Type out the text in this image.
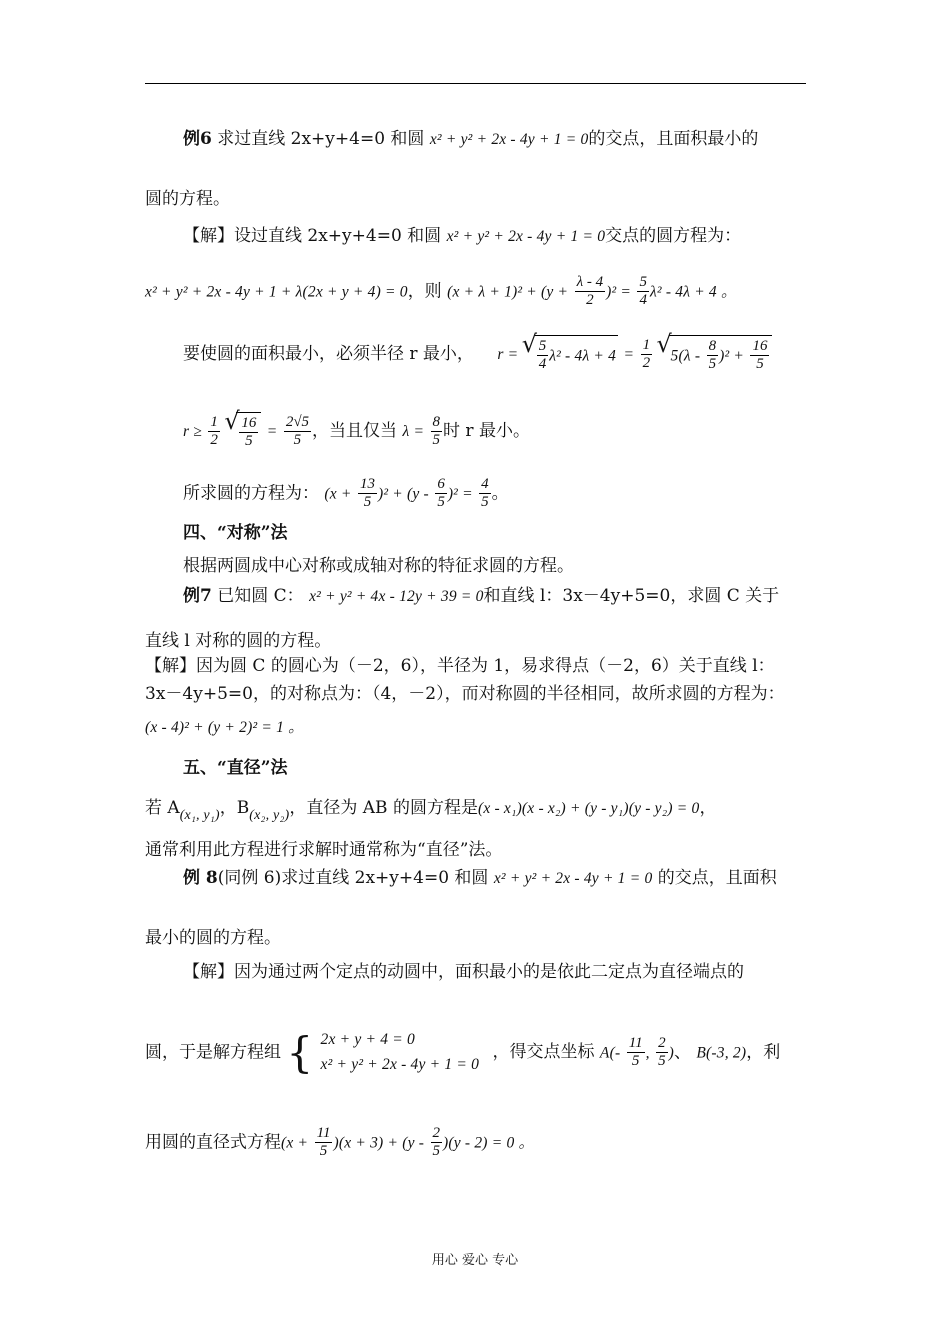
例6 求过直线 2x+y+4=0 和圆 x² + y² + 2x - 4y + 1 = 0的交点，且面积最小的
圆的方程。
【解】设过直线 2x+y+4=0 和圆 x² + y² + 2x - 4y + 1 = 0交点的圆方程为：
x² + y² + 2x - 4y + 1 + λ(2x + y + 4) = 0，则 $(x + \lambda + 1)^2 + (y + \frac{\lambda - 4}{2} )^2 = \frac{5}{4} \lambda^2 - 4\lambda + 4$ 。
要使圆的面积最小，必须半径 r 最小， r = √ $\frac{5}{4} \lambda^2 - 4\lambda + 4 = \frac{1}{2}$ √ $5(\lambda - \frac{8}{5} )^2 + \frac{16}{5}$
$r \ge \frac{1}{2}$
√ $\frac{16}{5} = \frac{2√5}{5}$ ，当且仅当 $\lambda = \frac{8}{5}$ 时 r 最小。
所求圆的方程为： $(x + \frac{13}{5} )^2 + (y - \frac{6}{5} )^2 = \frac{4}{5}$ 。
四、“对称”法
根据两圆成中心对称或成轴对称的特征求圆的方程。
例7 已知圆 C： x² + y² + 4x - 12y + 39 = 0和直线 l：3x－4y+5=0，求圆 C 关于
直线 l 对称的圆的方程。
【解】因为圆 C 的圆心为（－2，6），半径为 1，易求得点（－2，6）关于直线 l：
3x－4y+5=0，的对称点为：（4，－2），而对称圆的半径相同，故所求圆的方程为：
(x - 4)² + (y + 2)² = 1 。
五、“直径”法
若 $A_{(x_1, y_1)}$，$B_{(x_2, y_2)}$，直径为 AB 的圆方程是(x - x₁)(x - x₂) + (y - y₁)(y - y₂) = 0，
通常利用此方程进行求解时通常称为“直径”法。
例 8(同例 6)求过直线 2x+y+4=0 和圆 x² + y² + 2x - 4y + 1 = 0 的交点，且面积
最小的圆的方程。
【解】因为通过两个定点的动圆中，面积最小的是依此二定点为直径端点的
圆，于是解方程组 { 2x + y + 4 = 0
x² + y² + 2x - 4y + 1 = 0
，得交点坐标 $A(- \frac{11}{5}$ , $\frac{2}{5}$ )、 B(-3, 2)，利
用圆的直径式方程$(x + \frac{11}{5} )(x + 3) + (y - \frac{2}{5} )(y - 2) = 0$ 。
用心 爱心 专心
